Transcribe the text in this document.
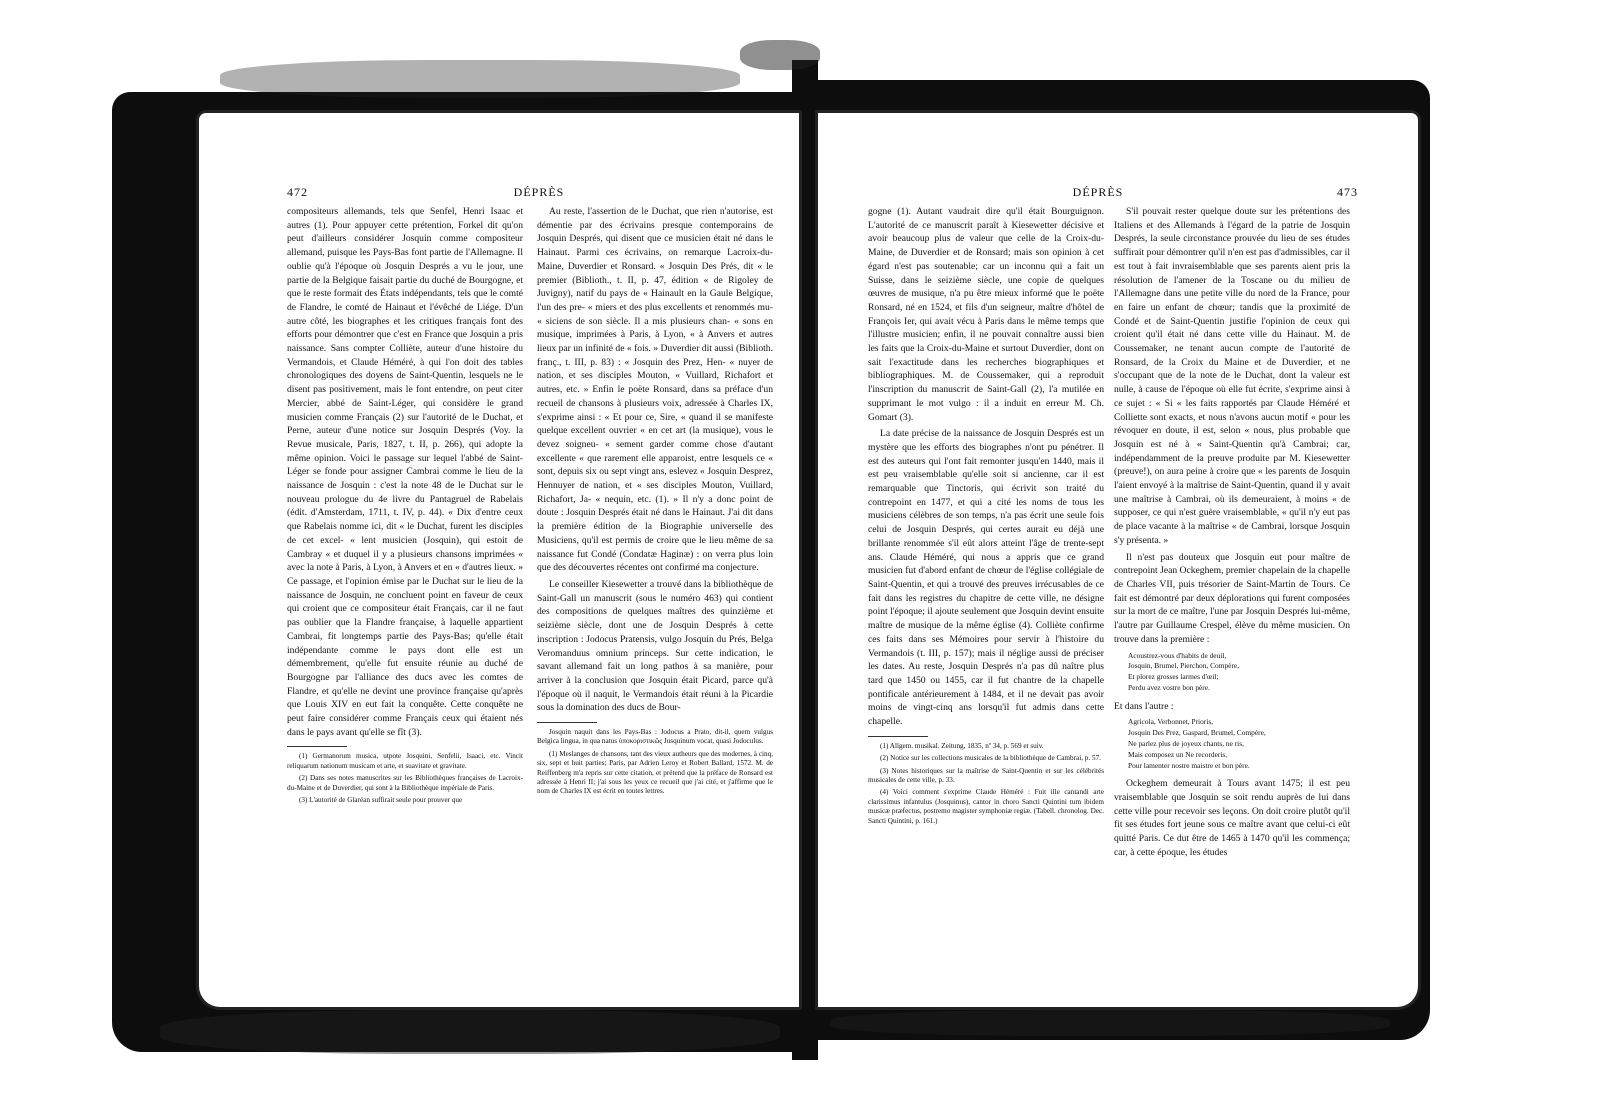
472	DÉPRÈS

compositeurs allemands, tels que Senfel, Henri Isaac et autres (1). Pour appuyer cette prétention, Forkel dit qu'on peut d'ailleurs considérer Josquin comme compositeur allemand, puisque les Pays-Bas font partie de l'Allemagne. Il oublie qu'à l'époque où Josquin Després a vu le jour, une partie de la Belgique faisait partie du duché de Bourgogne, et que le reste formait des États indépendants, tels que le comté de Flandre, le comté de Hainaut et l'évêché de Liége. D'un autre côté, les biographes et les critiques français font des efforts pour démontrer que c'est en France que Josquin a pris naissance. Sans compter Colliète, auteur d'une histoire du Vermandois, et Claude Héméré, à qui l'on doit des tables chronologiques des doyens de Saint-Quentin, lesquels ne le disent pas positivement, mais le font entendre, on peut citer Mercier, abbé de Saint-Léger, qui considère le grand musicien comme Français (2) sur l'autorité de le Duchat, et Perne, auteur d'une notice sur Josquin Després (Voy. la Revue musicale, Paris, 1827, t. II, p. 266), qui adopte la même opinion. Voici le passage sur lequel l'abbé de Saint-Léger se fonde pour assigner Cambrai comme le lieu de la naissance de Josquin : c'est la note 48 de le Duchat sur le nouveau prologue du 4e livre du Pantagruel de Rabelais (édit. d'Amsterdam, 1711, t. IV, p. 44). « Dix d'entre ceux que Rabelais nomme ici, dit « le Duchat, furent les disciples de cet excel- « lent musicien (Josquin), qui estoit de Cambray « et duquel il y a plusieurs chansons imprimées « avec la note à Paris, à Lyon, à Anvers et en « d'autres lieux. » Ce passage, et l'opinion émise par le Duchat sur le lieu de la naissance de Josquin, ne concluent point en faveur de ceux qui croient que ce compositeur était Français, car il ne faut pas oublier que la Flandre française, à laquelle appartient Cambrai, fit longtemps partie des Pays-Bas; qu'elle était indépendante comme le pays dont elle est un démembrement, qu'elle fut ensuite réunie au duché de Bourgogne par l'alliance des ducs avec les comtes de Flandre, et qu'elle ne devint une province française qu'après que Louis XIV en eut fait la conquête. Cette conquête ne peut faire considérer comme Français ceux qui étaient nés dans le pays avant qu'elle se fît (3).

(1) Germanorum musica, utpote Josquini, Senfelii, Isaaci, etc. Vincit reliquarum nationum musicam et arte, et suavitate et gravitate.

(2) Dans ses notes manuscrites sur les Bibliothèques françaises de Lacroix-du-Maine et de Duverdier, qui sont à la Bibliothèque impériale de Paris.

(3) L'autorité de Glaréan suffirait seule pour prouver que

Au reste, l'assertion de le Duchat, que rien n'autorise, est démentie par des écrivains presque contemporains de Josquin Després, qui disent que ce musicien était né dans le Hainaut. Parmi ces écrivains, on remarque Lacroix-du-Maine, Duverdier et Ronsard. « Josquin Des Prés, dit « le premier (Biblioth., t. II, p. 47, édition « de Rigoley de Juvigny), natif du pays de « Hainault en la Gaule Belgique, l'un des pre- « miers et des plus excellents et renommés mu- « siciens de son siècle. Il a mis plusieurs chan- « sons en musique, imprimées à Paris, à Lyon, « à Anvers et autres lieux par un infinité de « fois. » Duverdier dit aussi (Biblioth. franç., t. III, p. 83) : « Josquin des Prez, Hen- « nuyer de nation, et ses disciples Mouton, « Vuillard, Richafort et autres, etc. » Enfin le poëte Ronsard, dans sa préface d'un recueil de chansons à plusieurs voix, adressée à Charles IX, s'exprime ainsi : « Et pour ce, Sire, « quand il se manifeste quelque excellent ouvrier « en cet art (la musique), vous le devez soigneu- « sement garder comme chose d'autant excellente « que rarement elle apparoist, entre lesquels ce « sont, depuis six ou sept vingt ans, eslevez « Josquin Desprez, Hennuyer de nation, et « ses disciples Mouton, Vuillard, Richafort, Ja- « nequin, etc. (1). » Il n'y a donc point de doute : Josquin Després était né dans le Hainaut. J'ai dit dans la première édition de la Biographie universelle des Musiciens, qu'il est permis de croire que le lieu même de sa naissance fut Condé (Condatæ Haginæ) : on verra plus loin que des découvertes récentes ont confirmé ma conjecture.

Le conseiller Kiesewetter a trouvé dans la bibliothèque de Saint-Gall un manuscrit (sous le numéro 463) qui contient des compositions de quelques maîtres des quinzième et seizième siècle, dont une de Josquin Després à cette inscription : Jodocus Pratensis, vulgo Josquin du Prés, Belga Veromanduus omnium princeps. Sur cette indication, le savant allemand fait un long pathos à sa manière, pour arriver à la conclusion que Josquin était Picard, parce qu'à l'époque où il naquit, le Vermandois était réuni à la Picardie sous la domination des ducs de Bour-

Josquin naquit dans les Pays-Bas : Jodocus a Prato, dit-il, quem vulgus Belgica lingua, in qua natus ὑποκοριστικῶς Jusquinum vocat, quasi Jodoculus.

(1) Meslanges de chansons, tant des vieux autheurs que des modernes, à cinq, six, sept et huit parties; Paris, par Adrien Leroy et Robert Ballard, 1572. M. de Reiffenberg m'a repris sur cette citation, et prétend que la préface de Ronsard est adressée à Henri II; j'ai sous les yeux ce recueil que j'ai cité, et j'affirme que le nom de Charles IX est écrit en toutes lettres.

DÉPRÈS	473

gogne (1). Autant vaudrait dire qu'il était Bourguignon. L'autorité de ce manuscrit paraît à Kiesewetter décisive et avoir beaucoup plus de valeur que celle de la Croix-du-Maine, de Duverdier et de Ronsard; mais son opinion à cet égard n'est pas soutenable; car un inconnu qui a fait un Suisse, dans le seizième siècle, une copie de quelques œuvres de musique, n'a pu être mieux informé que le poëte Ronsard, né en 1524, et fils d'un seigneur, maître d'hôtel de François Ier, qui avait vécu à Paris dans le même temps que l'illustre musicien; enfin, il ne pouvait connaître aussi bien les faits que la Croix-du-Maine et surtout Duverdier, dont on sait l'exactitude dans les recherches biographiques et bibliographiques. M. de Coussemaker, qui a reproduit l'inscription du manuscrit de Saint-Gall (2), l'a mutilée en supprimant le mot vulgo : il a induit en erreur M. Ch. Gomart (3).

La date précise de la naissance de Josquin Després est un mystère que les efforts des biographes n'ont pu pénétrer. Il est des auteurs qui l'ont fait remonter jusqu'en 1440, mais il est peu vraisemblable qu'elle soit si ancienne, car il est remarquable que Tinctoris, qui écrivit son traité du contrepoint en 1477, et qui a cité les noms de tous les musiciens célèbres de son temps, n'a pas écrit une seule fois celui de Josquin Després, qui certes aurait eu déjà une brillante renommée s'il eût alors atteint l'âge de trente-sept ans. Claude Héméré, qui nous a appris que ce grand musicien fut d'abord enfant de chœur de l'église collégiale de Saint-Quentin, et qui a trouvé des preuves irrécusables de ce fait dans les registres du chapitre de cette ville, ne désigne point l'époque; il ajoute seulement que Josquin devint ensuite maître de musique de la même église (4). Colliète confirme ces faits dans ses Mémoires pour servir à l'histoire du Vermandois (t. III, p. 157); mais il néglige aussi de préciser les dates. Au reste, Josquin Després n'a pas dû naître plus tard que 1450 ou 1455, car il fut chantre de la chapelle pontificale antérieurement à 1484, et il ne devait pas avoir moins de vingt-cinq ans lorsqu'il fut admis dans cette chapelle.

(1) Allgem. musikal. Zeitung, 1835, nº 34, p. 569 et suiv.

(2) Notice sur les collections musicales de la bibliothèque de Cambrai, p. 57.

(3) Notes historiques sur la maîtrise de Saint-Quentin et sur les célébrités musicales de cette ville, p. 33.

(4) Voici comment s'exprime Claude Héméré : Fuit ille cantandi arte clarissimus infantulus (Josquinus), cantor in choro Sancti Quintini tum ibidem musicæ præfectus, postremo magister symphoniæ regiæ. (Tabell. chronolog. Dec. Sancti Quintini, p. 161.)

S'il pouvait rester quelque doute sur les prétentions des Italiens et des Allemands à l'égard de la patrie de Josquin Després, la seule circonstance prouvée du lieu de ses études suffirait pour démontrer qu'il n'en est pas d'admissibles, car il est tout à fait invraisemblable que ses parents aient pris la résolution de l'amener de la Toscane ou du milieu de l'Allemagne dans une petite ville du nord de la France, pour en faire un enfant de chœur; tandis que la proximité de Condé et de Saint-Quentin justifie l'opinion de ceux qui croient qu'il était né dans cette ville du Hainaut. M. de Coussemaker, ne tenant aucun compte de l'autorité de Ronsard, de la Croix du Maine et de Duverdier, et ne s'occupant que de la note de le Duchat, dont la valeur est nulle, à cause de l'époque où elle fut écrite, s'exprime ainsi à ce sujet : « Si « les faits rapportés par Claude Héméré et Colliette sont exacts, et nous n'avons aucun motif « pour les révoquer en doute, il est, selon « nous, plus probable que Josquin est né à « Saint-Quentin qu'à Cambrai; car, indépendamment de la preuve produite par M. Kiesewetter (preuve!), on aura peine à croire que « les parents de Josquin l'aient envoyé à la maîtrise de Saint-Quentin, quand il y avait une maîtrise à Cambrai, où ils demeuraient, à moins « de supposer, ce qui n'est guère vraisemblable, « qu'il n'y eut pas de place vacante à la maîtrise « de Cambrai, lorsque Josquin s'y présenta. »

Il n'est pas douteux que Josquin eut pour maître de contrepoint Jean Ockeghem, premier chapelain de la chapelle de Charles VII, puis trésorier de Saint-Martin de Tours. Ce fait est démontré par deux déplorations qui furent composées sur la mort de ce maître, l'une par Josquin Després lui-même, l'autre par Guillaume Crespel, élève du même musicien. On trouve dans la première :

Acoustrez-vous d'habits de deuil,
Josquin, Brumel, Pierchon, Compère,
Et plorez grosses larmes d'œil;
Perdu avez vostre bon père.

Et dans l'autre :

Agricola, Verbonnet, Prioris,
Josquin Des Prez, Gaspard, Brumel, Compère,
Ne parlez plus de joyeux chants, ne ris,
Mais composez un Ne recorderis,
Pour lamenter nostre maistre et bon père.

Ockeghem demeurait à Tours avant 1475; il est peu vraisemblable que Josquin se soit rendu auprès de lui dans cette ville pour recevoir ses leçons. On doit croire plutôt qu'il fit ses études fort jeune sous ce maître avant que celui-ci eût quitté Paris. Ce dut être de 1465 à 1470 qu'il les commença; car, à cette époque, les études
